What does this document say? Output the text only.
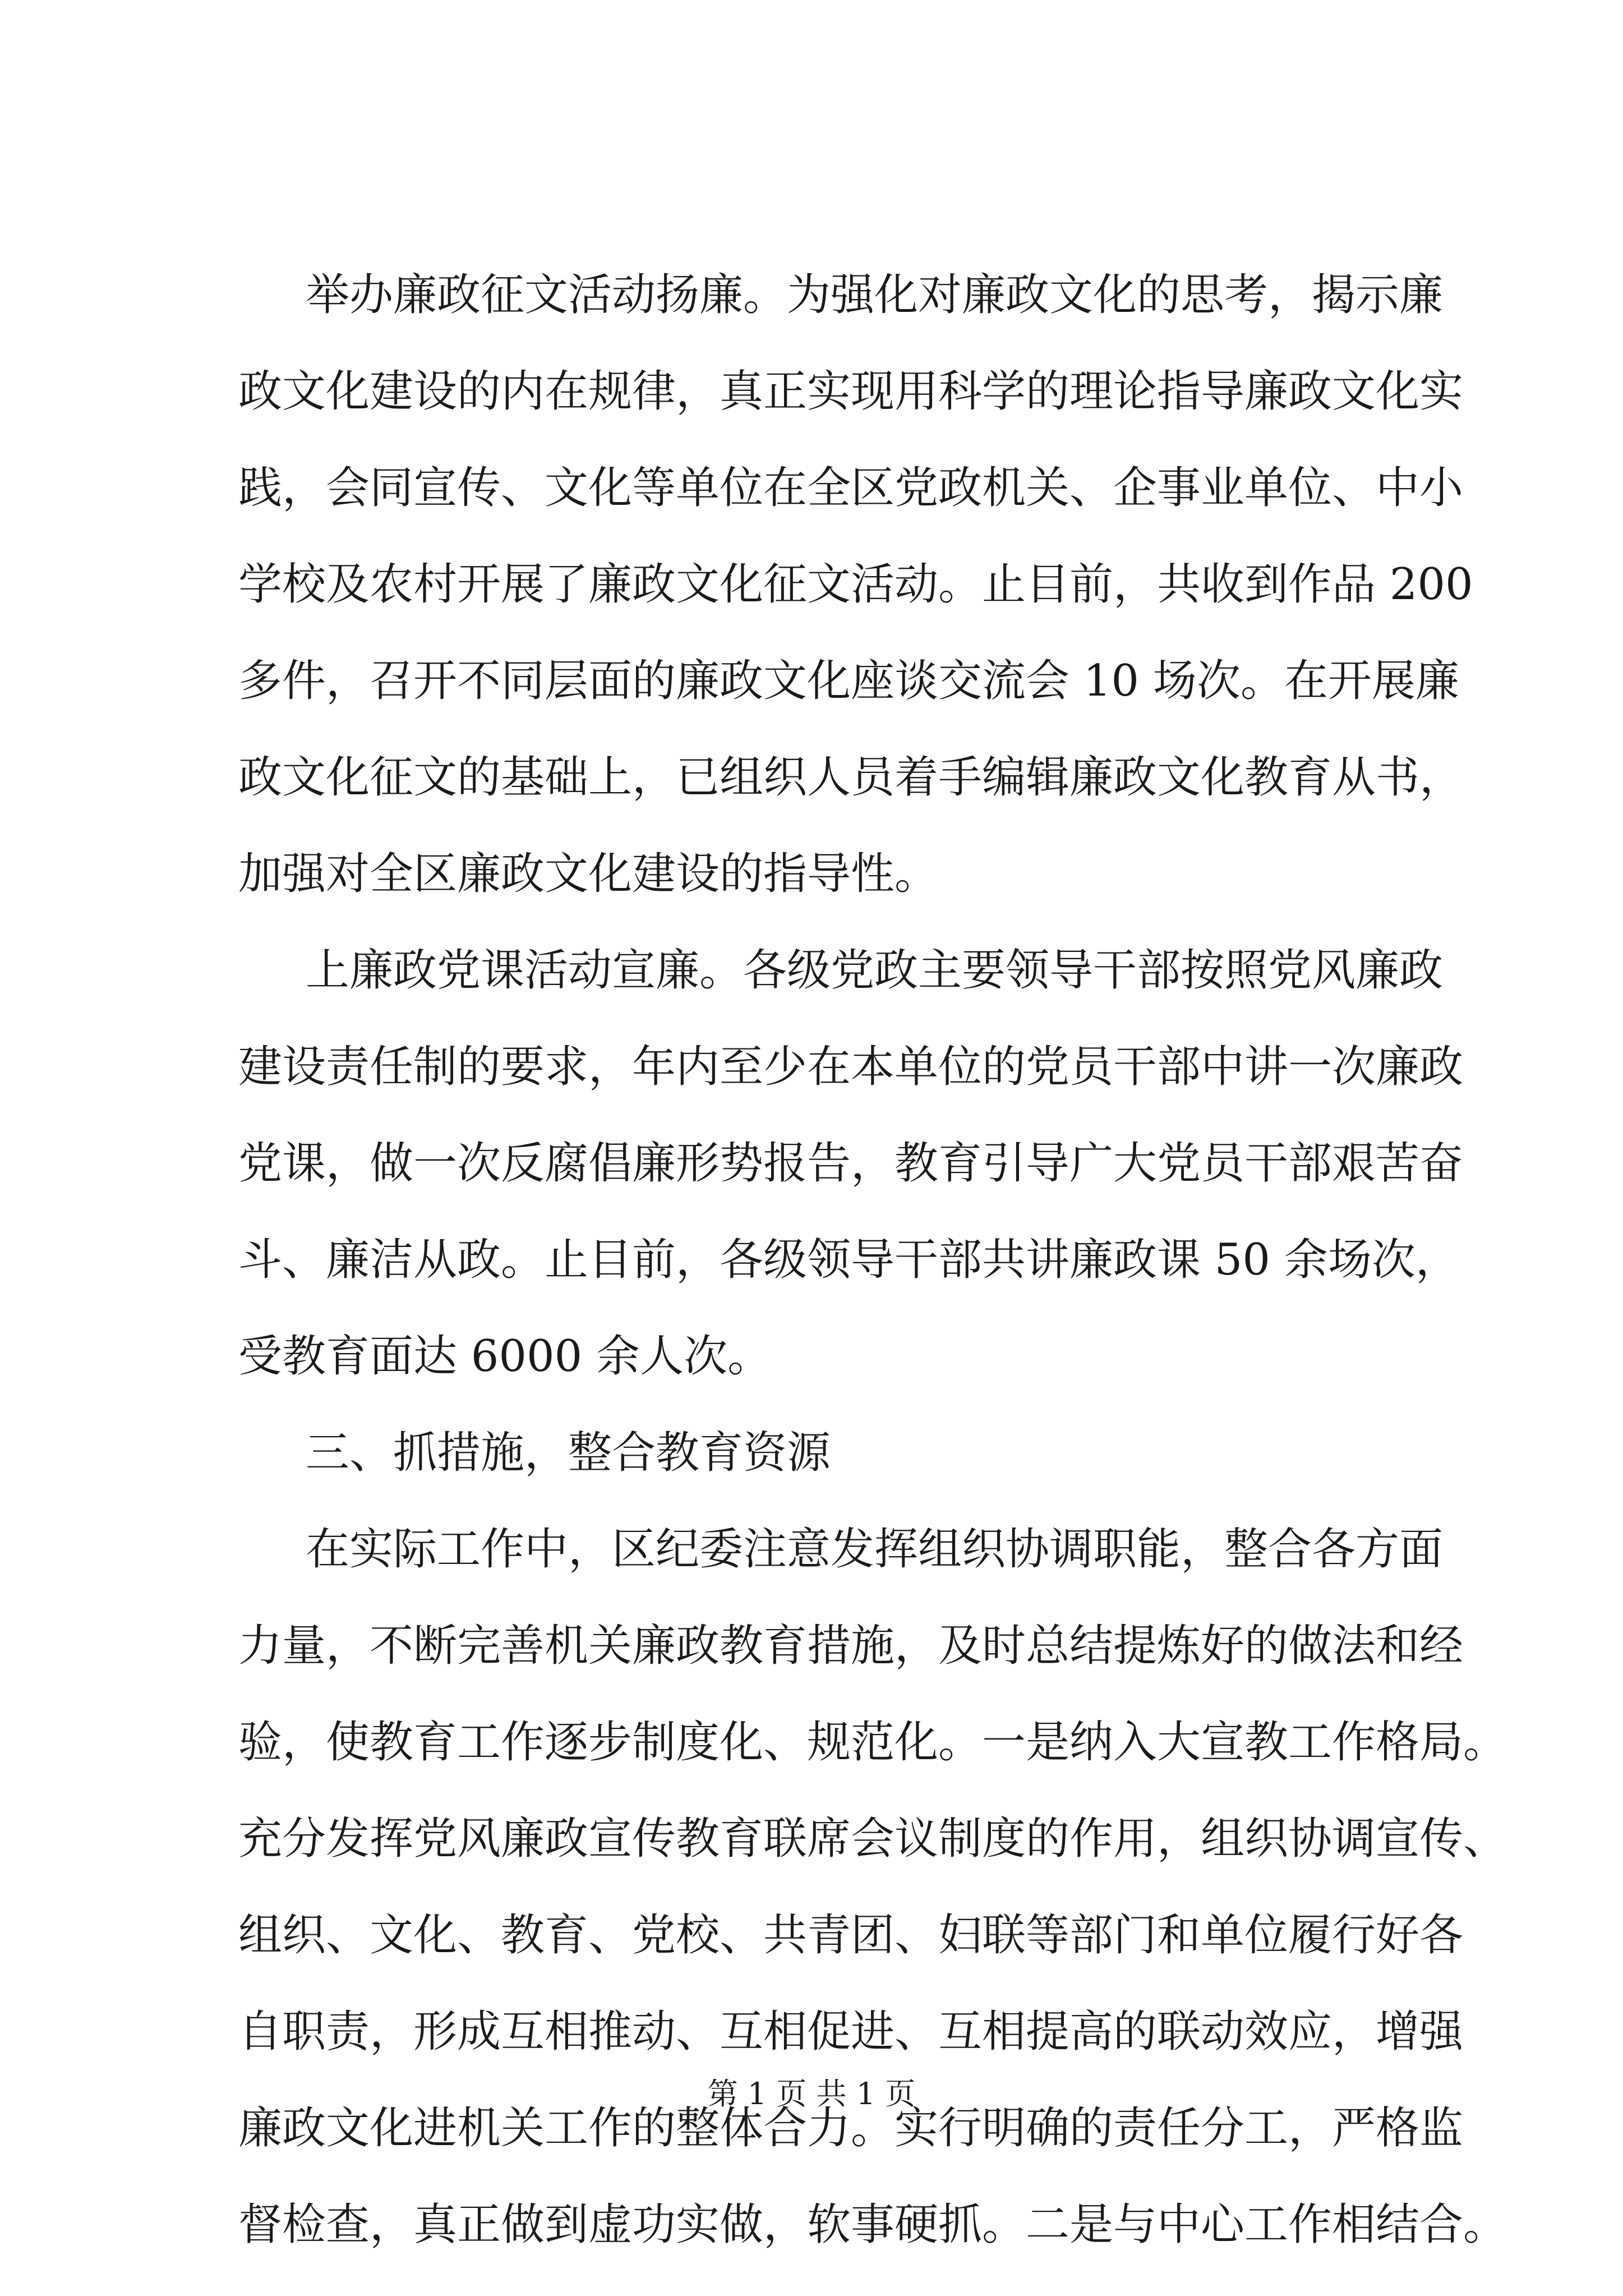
举办廉政征文活动扬廉。为强化对廉政文化的思考，揭示廉
政文化建设的内在规律，真正实现用科学的理论指导廉政文化实
践，会同宣传、文化等单位在全区党政机关、企事业单位、中小
学校及农村开展了廉政文化征文活动。止目前，共收到作品 200
多件，召开不同层面的廉政文化座谈交流会 10 场次。在开展廉
政文化征文的基础上，已组织人员着手编辑廉政文化教育从书，
加强对全区廉政文化建设的指导性。
上廉政党课活动宣廉。各级党政主要领导干部按照党风廉政
建设责任制的要求，年内至少在本单位的党员干部中讲一次廉政
党课，做一次反腐倡廉形势报告，教育引导广大党员干部艰苦奋
斗、廉洁从政。止目前，各级领导干部共讲廉政课 50 余场次，
受教育面达 6000 余人次。
三、抓措施，整合教育资源
在实际工作中，区纪委注意发挥组织协调职能，整合各方面
力量，不断完善机关廉政教育措施，及时总结提炼好的做法和经
验，使教育工作逐步制度化、规范化。一是纳入大宣教工作格局。
充分发挥党风廉政宣传教育联席会议制度的作用，组织协调宣传、
组织、文化、教育、党校、共青团、妇联等部门和单位履行好各
自职责，形成互相推动、互相促进、互相提高的联动效应，增强
廉政文化进机关工作的整体合力。实行明确的责任分工，严格监
督检查，真正做到虚功实做，软事硬抓。二是与中心工作相结合。
第 1 页 共 1 页
